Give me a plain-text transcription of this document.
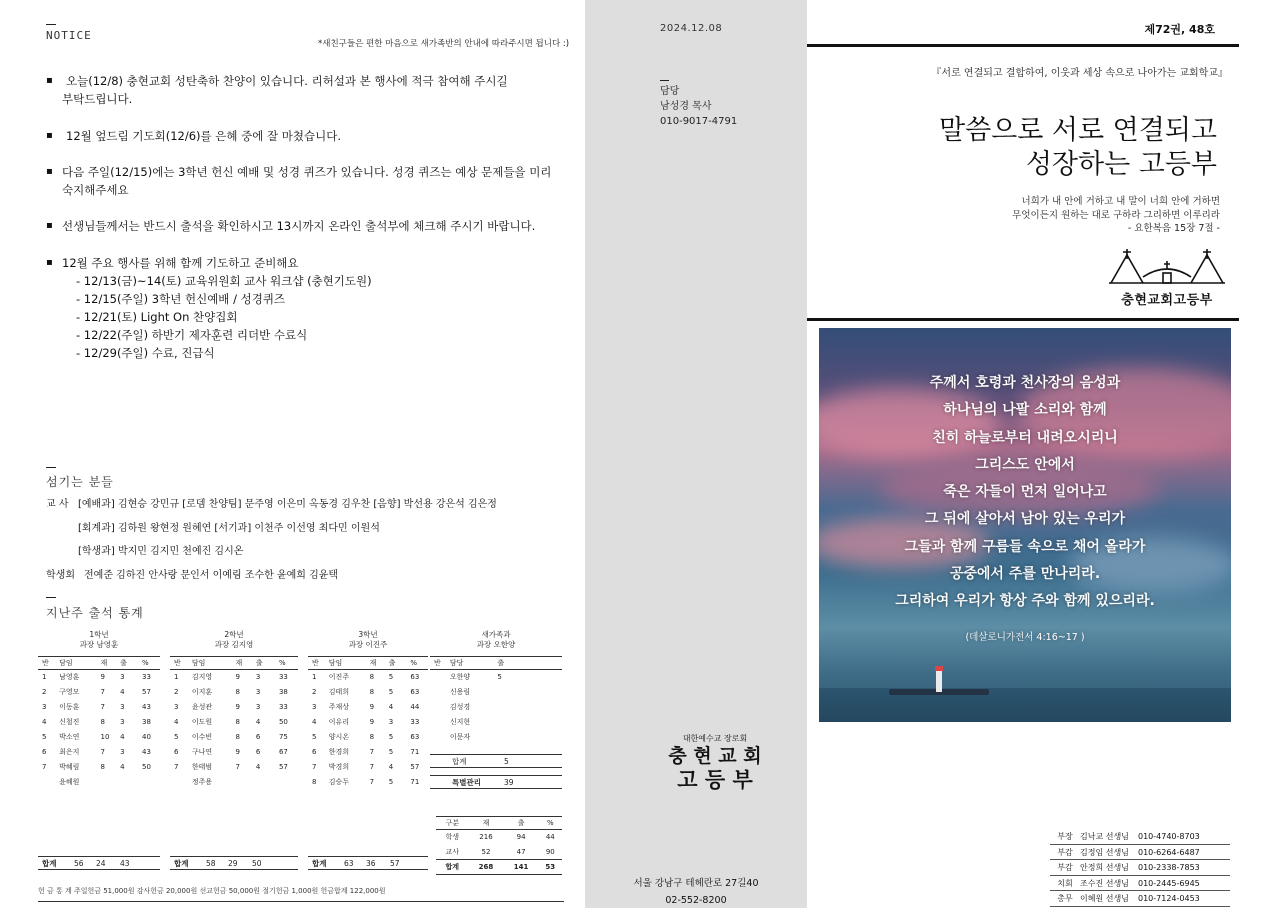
NOTICE
*새친구들은 편한 마음으로 새가족반의 안내에 따라주시면 됩니다 :)
▪ 오늘(12/8) 충현교회 성탄축하 찬양이 있습니다. 리허설과 본 행사에 적극 참여해 주시길
부탁드립니다.
▪ 12월 엎드림 기도회(12/6)를 은혜 중에 잘 마쳤습니다.
▪ 다음 주일(12/15)에는 3학년 헌신 예배 및 성경 퀴즈가 있습니다. 성경 퀴즈는 예상 문제들을 미리
숙지해주세요
▪ 선생님들께서는 반드시 출석을 확인하시고 13시까지 온라인 출석부에 체크해 주시기 바랍니다.
▪ 12월 주요 행사를 위해 함께 기도하고 준비해요
- 12/13(금)~14(토) 교육위원회 교사 워크샵 (충현기도원)
- 12/15(주일) 3학년 헌신예배 / 성경퀴즈
- 12/21(토) Light On 찬양집회
- 12/22(주일) 하반기 제자훈련 리더반 수료식
- 12/29(주일) 수료, 진급식
섬기는 분들
교 사 [예배과] 김현승 강민규 [로뎀 찬양팀] 문주영 이은미 옥동경 김우찬 [음향] 박선용 강은석 김은정
[회계과] 김하원 왕현정 원혜연 [서기과] 이천주 이선영 최다민 이원석
[학생과] 박지민 김지민 천예진 김시온
학생회 전예준 김하진 안사랑 문인서 이예림 조수한 윤예희 김윤택
지난주 출석 통계
1학년
과장 남영훈
반	담임	재	출	%
1	남영훈	9	3	33
2	구영모	7	4	57
3	이동훈	7	3	43
4	신철진	8	3	38
5	박소연	10	4	40
6	최은지	7	3	43
7	박혜림	8	4	50
	윤혜원			
합계 56 24 43
2학년
과장 김지영
반	담임	재	출	%
1	김지영	9	3	33
2	이지훈	8	3	38
3	윤성관	9	3	33
4	이도원	8	4	50
5	이수빈	8	6	75
6	구나연	9	6	67
7	한태범	7	4	57
	정주용			
합계 58 29 50
3학년
과장 이진주
반	담임	재	출	%
1	이진주	8	5	63
2	김태희	8	5	63
3	주재상	9	4	44
4	이유리	9	3	33
5	양시온	8	5	63
6	한경희	7	5	71
7	박경희	7	4	57
8	김승두	7	5	71
합계 63 36 57
새가족과
과장 오한양
반	담당	출
	오한양	5
	신용림	
	김성경	
	신지현	
	이문자	
합계	5
특별관리	39
구분	재	출	%
학생	216	94	44
교사	52	47	90
합계	268	141	53
헌 금 통 계 주일헌금 51,000원 감사헌금 20,000원 선교헌금 50,000원 절기헌금 1,000원 헌금합계 122,000원
2024.12.08
담당
남성경 목사
010-9017-4791
대한예수교 장로회
충 현 교 회
고 등 부
서울 강남구 테헤란로 27길40
02-552-8200
제72권, 48호
『서로 연결되고 결합하여, 이웃과 세상 속으로 나아가는 교회학교』
말씀으로 서로 연결되고
성장하는 고등부
너희가 내 안에 거하고 내 말이 너희 안에 거하면
무엇이든지 원하는 대로 구하라 그리하면 이루리라
- 요한복음 15장 7절 -
충현교회고등부
주께서 호령과 천사장의 음성과
하나님의 나팔 소리와 함께
친히 하늘로부터 내려오시리니
그리스도 안에서
죽은 자들이 먼저 일어나고
그 뒤에 살아서 남아 있는 우리가
그들과 함께 구름들 속으로 채어 올라가
공중에서 주를 만나리라.
그리하여 우리가 항상 주와 함께 있으리라.
(데살로니가전서 4:16~17 )
부장 김낙교 선생님	010-4740-8703
부감 김정임 선생님	010-6264-6487
부감 안정희 선생님	010-2338-7853
치회 조수진 선생님	010-2445-6945
총무 이혜원 선생님	010-7124-0453
